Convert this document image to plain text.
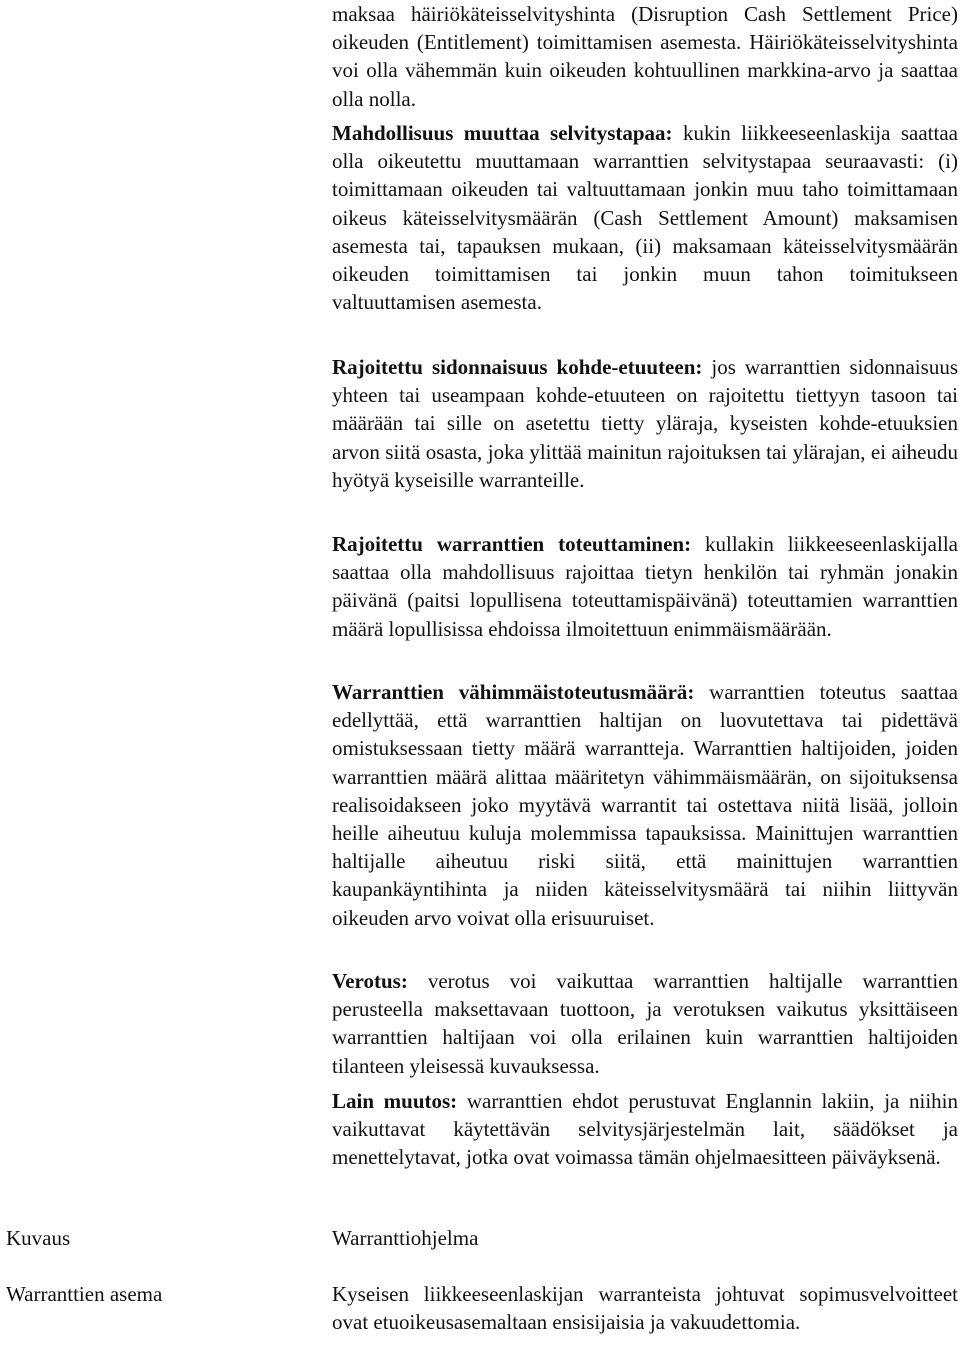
maksaa häiriökäteisselvityshinta (Disruption Cash Settlement Price) oikeuden (Entitlement) toimittamisen asemesta. Häiriökäteisselvityshinta voi olla vähemmän kuin oikeuden kohtuullinen markkina-arvo ja saattaa olla nolla.
Mahdollisuus muuttaa selvitystapaa: kukin liikkeeseenlaskija saattaa olla oikeutettu muuttamaan warranttien selvitystapaa seuraavasti: (i) toimittamaan oikeuden tai valtuuttamaan jonkin muu taho toimittamaan oikeus käteisselvitysmäärän (Cash Settlement Amount) maksamisen asemesta tai, tapauksen mukaan, (ii) maksamaan käteisselvitysmäärän oikeuden toimittamisen tai jonkin muun tahon toimitukseen valtuuttamisen asemesta.
Rajoitettu sidonnaisuus kohde-etuuteen: jos warranttien sidonnaisuus yhteen tai useampaan kohde-etuuteen on rajoitettu tiettyyn tasoon tai määrään tai sille on asetettu tietty yläraja, kyseisten kohde-etuuksien arvon siitä osasta, joka ylittää mainitun rajoituksen tai ylärajan, ei aiheudu hyötyä kyseisille warranteille.
Rajoitettu warranttien toteuttaminen: kullakin liikkeeseenlaskijalla saattaa olla mahdollisuus rajoittaa tietyn henkilön tai ryhmän jonakin päivänä (paitsi lopullisena toteuttamispäivänä) toteuttamien warranttien määrä lopullisissa ehdoissa ilmoitettuun enimmäismäärään.
Warranttien vähimmäistoteutusmäärä: warranttien toteutus saattaa edellyttää, että warranttien haltijan on luovutettava tai pidettävä omistuksessaan tietty määrä warrantteja. Warranttien haltijoiden, joiden warranttien määrä alittaa määritetyn vähimmäismäärän, on sijoituksensa realisoidakseen joko myytävä warrantit tai ostettava niitä lisää, jolloin heille aiheutuu kuluja molemmissa tapauksissa. Mainittujen warranttien haltijalle aiheutuu riski siitä, että mainittujen warranttien kaupankäyntihinta ja niiden käteisselvitysmäärä tai niihin liittyvän oikeuden arvo voivat olla erisuuruiset.
Verotus: verotus voi vaikuttaa warranttien haltijalle warranttien perusteella maksettavaan tuottoon, ja verotuksen vaikutus yksittäiseen warranttien haltijaan voi olla erilainen kuin warranttien haltijoiden tilanteen yleisessä kuvauksessa.
Lain muutos: warranttien ehdot perustuvat Englannin lakiin, ja niihin vaikuttavat käytettävän selvitysjärjestelmän lait, säädökset ja menettelytavat, jotka ovat voimassa tämän ohjelmaesitteen päiväyksenä.
Kuvaus	Warranttiohjelma
Warranttien asema	Kyseisen liikkeeseenlaskijan warranteista johtuvat sopimusvelvoitteet ovat etuoikeusasemaltaan ensisijaisia ja vakuudettomia.
